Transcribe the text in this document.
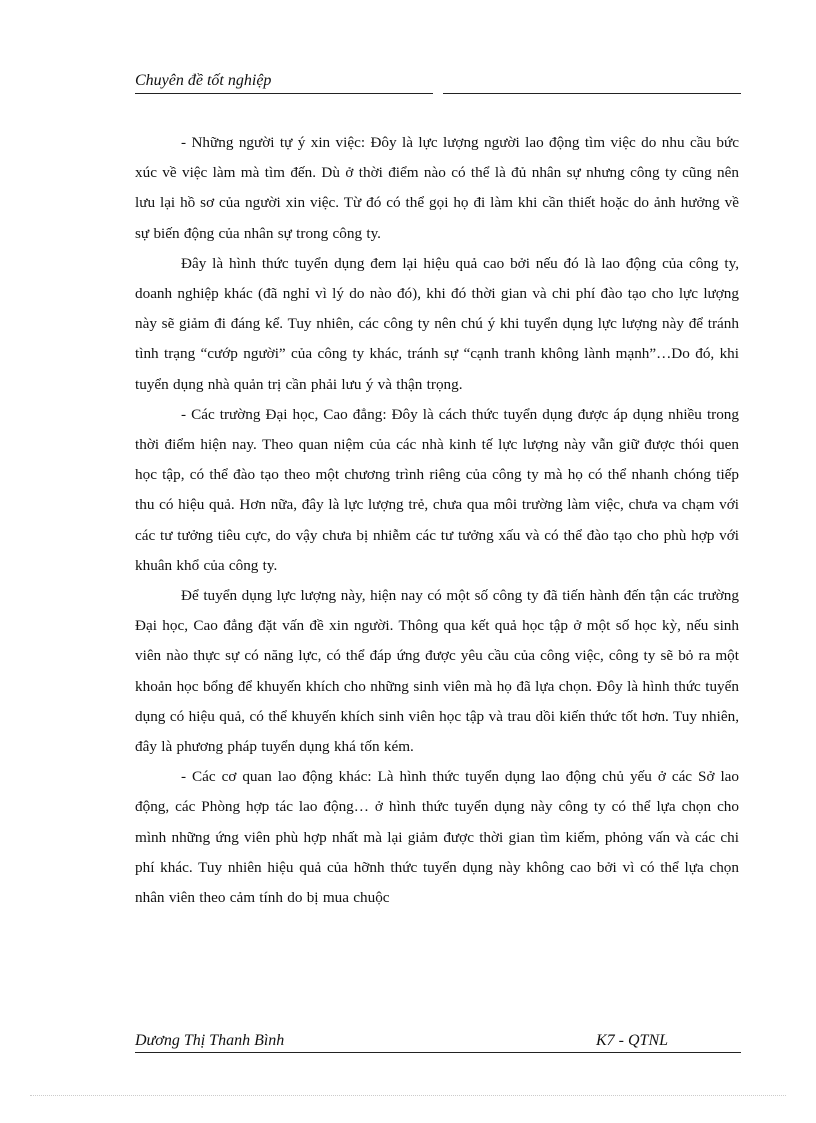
Chuyên đề tốt nghiệp

- Những người tự ý xin việc: Đôy là lực lượng người lao động tìm việc do nhu cầu bức xúc về việc làm mà tìm đến. Dù ở thời điểm nào có thể là đủ nhân sự nhưng công ty cũng nên lưu lại hồ sơ của người xin việc. Từ đó có thể gọi họ đi làm khi cần thiết hoặc do ảnh hưởng về sự biến động của nhân sự trong công ty.

Đây là hình thức tuyển dụng đem lại hiệu quả cao bởi nếu đó là lao động của công ty, doanh nghiệp khác (đã nghỉ vì lý do nào đó), khi đó thời gian và chi phí đào tạo cho lực lượng này sẽ giảm đi đáng kể. Tuy nhiên, các công ty nên chú ý khi tuyển dụng lực lượng này để tránh tình trạng “cướp người” của công ty khác, tránh sự “cạnh tranh không lành mạnh”…Do đó, khi tuyển dụng nhà quản trị cần phải lưu ý và thận trọng.

- Các trường Đại học, Cao đẳng: Đôy là cách thức tuyển dụng được áp dụng nhiều trong thời điểm hiện nay. Theo quan niệm của các nhà kinh tế lực lượng này vẫn giữ được thói quen học tập, có thể đào tạo theo một chương trình riêng của công ty mà họ có thể nhanh chóng tiếp thu có hiệu quả. Hơn nữa, đây là lực lượng trẻ, chưa qua môi trường làm việc, chưa va chạm với các tư tưởng tiêu cực, do vậy chưa bị nhiễm các tư tưởng xấu và có thể đào tạo cho phù hợp với khuân khổ của công ty.

Để tuyển dụng lực lượng này, hiện nay có một số công ty đã tiến hành đến tận các trường Đại học, Cao đẳng đặt vấn đề xin người. Thông qua kết quả học tập ở một số học kỳ, nếu sinh viên nào thực sự có năng lực, có thể đáp ứng được yêu cầu của công việc, công ty sẽ bỏ ra một khoản học bổng để khuyến khích cho những sinh viên mà họ đã lựa chọn. Đôy là hình thức tuyển dụng có hiệu quả, có thể khuyến khích sinh viên học tập và trau dồi kiến thức tốt hơn. Tuy nhiên, đây là phương pháp tuyển dụng khá tốn kém.

- Các cơ quan lao động khác: Là hình thức tuyển dụng lao động chủ yếu ở các Sở lao động, các Phòng hợp tác lao động… ở hình thức tuyển dụng này công ty có thể lựa chọn cho mình những ứng viên phù hợp nhất mà lại giảm được thời gian tìm kiếm, phỏng vấn và các chi phí khác. Tuy nhiên hiệu quả của hỡnh thức tuyển dụng này không cao bởi vì có thể lựa chọn nhân viên theo cảm tính do bị mua chuộc

Dương Thị Thanh Bình	K7 - QTNL
